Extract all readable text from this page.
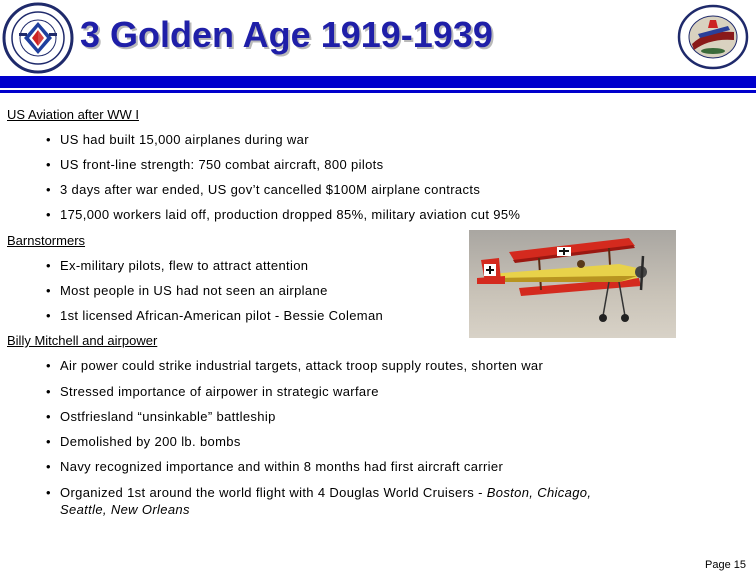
3 Golden Age 1919-1939
US Aviation after WW I
• US had built 15,000 airplanes during war
• US front-line strength: 750 combat aircraft, 800 pilots
• 3 days after war ended, US gov’t cancelled $100M airplane contracts
• 175,000 workers laid off, production dropped 85%, military aviation cut 95%
Barnstormers
• Ex-military pilots, flew to attract attention
• Most people in US had not seen an airplane
• 1st licensed African-American pilot - Bessie Coleman
Billy Mitchell and airpower
• Air power could strike industrial targets, attack troop supply routes, shorten war
• Stressed importance of airpower in strategic warfare
• Ostfriesland “unsinkable” battleship
• Demolished by 200 lb. bombs
• Navy recognized importance and within 8 months had first aircraft carrier
• Organized 1st around the world flight with 4 Douglas World Cruisers - Boston, Chicago,
Seattle, New Orleans
Page 15
